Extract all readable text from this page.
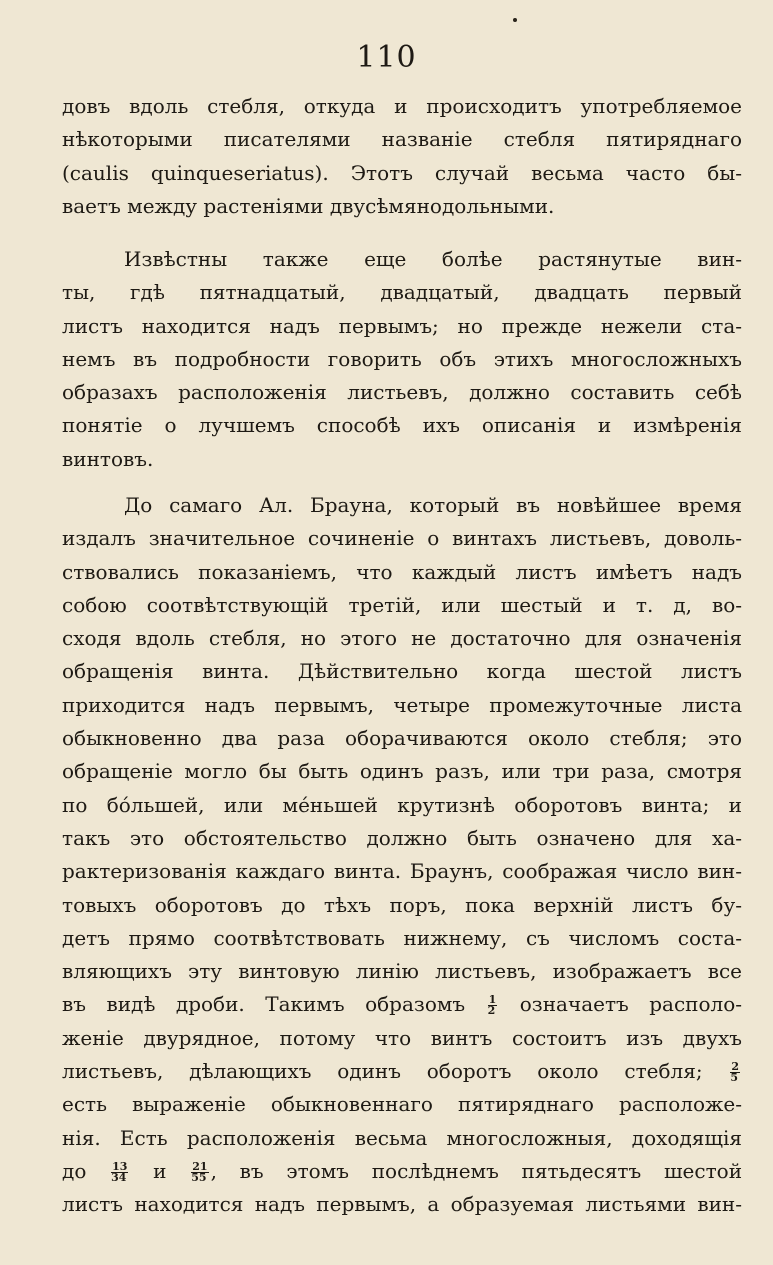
110
довъ вдоль стебля, откуда и происходитъ употребляемое
нѣкоторыми писателями названіе стебля пятиряднаго
(caulis quinqueseriatus). Этотъ случай весьма часто бы-
ваетъ между растеніями двусѣмянодольными.
Извѣстны также еще болѣе растянутые вин-
ты, гдѣ пятнадцатый, двадцатый, двадцать первый
листъ находится надъ первымъ; но прежде нежели ста-
немъ въ подробности говорить объ этихъ многосложныхъ
образахъ расположенія листьевъ, должно составить себѣ
понятіе о лучшемъ способѣ ихъ описанія и измѣренія
винтовъ.
До самаго Ал. Брауна, который въ новѣйшее время
издалъ значительное сочиненіе о винтахъ листьевъ, доволь-
ствовались показаніемъ, что каждый листъ имѣетъ надъ
собою соотвѣтствующій третій, или шестый и т. д, во-
сходя вдоль стебля, но этого не достаточно для означенія
обращенія винта. Дѣйствительно когда шестой листъ
приходится надъ первымъ, четыре промежуточные листа
обыкновенно два раза оборачиваются около стебля; это
обращеніе могло бы быть одинъ разъ, или три раза, смотря
по бо́льшей, или ме́ньшей крутизнѣ оборотовъ винта; и
такъ это обстоятельство должно быть означено для ха-
рактеризованія каждаго винта. Браунъ, соображая число вин-
товыхъ оборотовъ до тѣхъ поръ, пока верхній листъ бу-
детъ прямо соотвѣтствовать нижнему, съ числомъ соста-
вляющихъ эту винтовую линію листьевъ, изображаетъ все
въ видѣ дроби. Такимъ образомъ $\frac{1}{2}$ означаетъ располо-
женіе двурядное, потому что винтъ состоитъ изъ двухъ
листьевъ, дѣлающихъ одинъ оборотъ около стебля;	$\frac{2}{5}$
есть выраженіе обыкновеннаго пятиряднаго расположе-
нія. Есть расположенія весьма многосложныя, доходящія
до $\frac{13}{34}$ и $\frac{21}{55}$ , въ этомъ послѣднемъ пятьдесятъ шестой
листъ находится надъ первымъ, а образуемая листьями вин-
